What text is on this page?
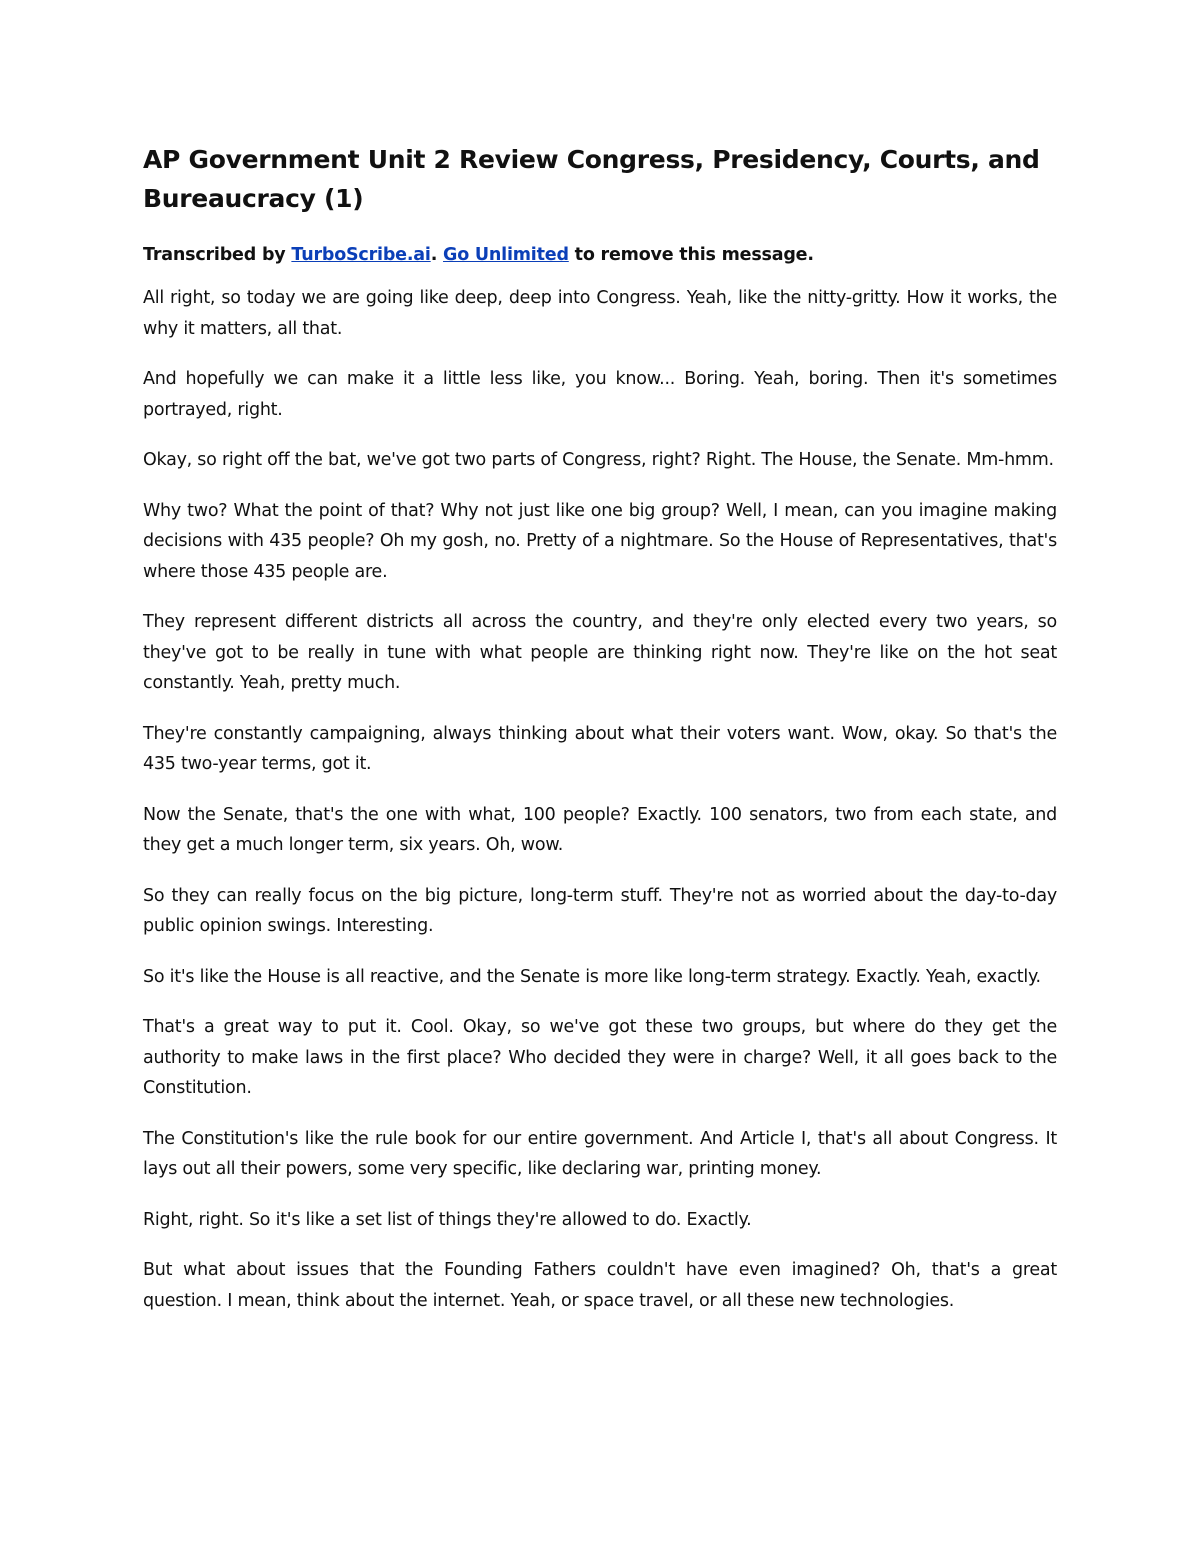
AP Government Unit 2 Review Congress, Presidency, Courts, and Bureaucracy (1)

Transcribed by TurboScribe.ai. Go Unlimited to remove this message.

All right, so today we are going like deep, deep into Congress. Yeah, like the nitty-gritty. How it works, the why it matters, all that.

And hopefully we can make it a little less like, you know... Boring. Yeah, boring. Then it's sometimes portrayed, right.

Okay, so right off the bat, we've got two parts of Congress, right? Right. The House, the Senate. Mm-hmm.

Why two? What the point of that? Why not just like one big group? Well, I mean, can you imagine making decisions with 435 people? Oh my gosh, no. Pretty of a nightmare. So the House of Representatives, that's where those 435 people are.

They represent different districts all across the country, and they're only elected every two years, so they've got to be really in tune with what people are thinking right now. They're like on the hot seat constantly. Yeah, pretty much.

They're constantly campaigning, always thinking about what their voters want. Wow, okay. So that's the 435 two-year terms, got it.

Now the Senate, that's the one with what, 100 people? Exactly. 100 senators, two from each state, and they get a much longer term, six years. Oh, wow.

So they can really focus on the big picture, long-term stuff. They're not as worried about the day-to-day public opinion swings. Interesting.

So it's like the House is all reactive, and the Senate is more like long-term strategy. Exactly. Yeah, exactly.

That's a great way to put it. Cool. Okay, so we've got these two groups, but where do they get the authority to make laws in the first place? Who decided they were in charge? Well, it all goes back to the Constitution.

The Constitution's like the rule book for our entire government. And Article I, that's all about Congress. It lays out all their powers, some very specific, like declaring war, printing money.

Right, right. So it's like a set list of things they're allowed to do. Exactly.

But what about issues that the Founding Fathers couldn't have even imagined? Oh, that's a great question. I mean, think about the internet. Yeah, or space travel, or all these new technologies.
